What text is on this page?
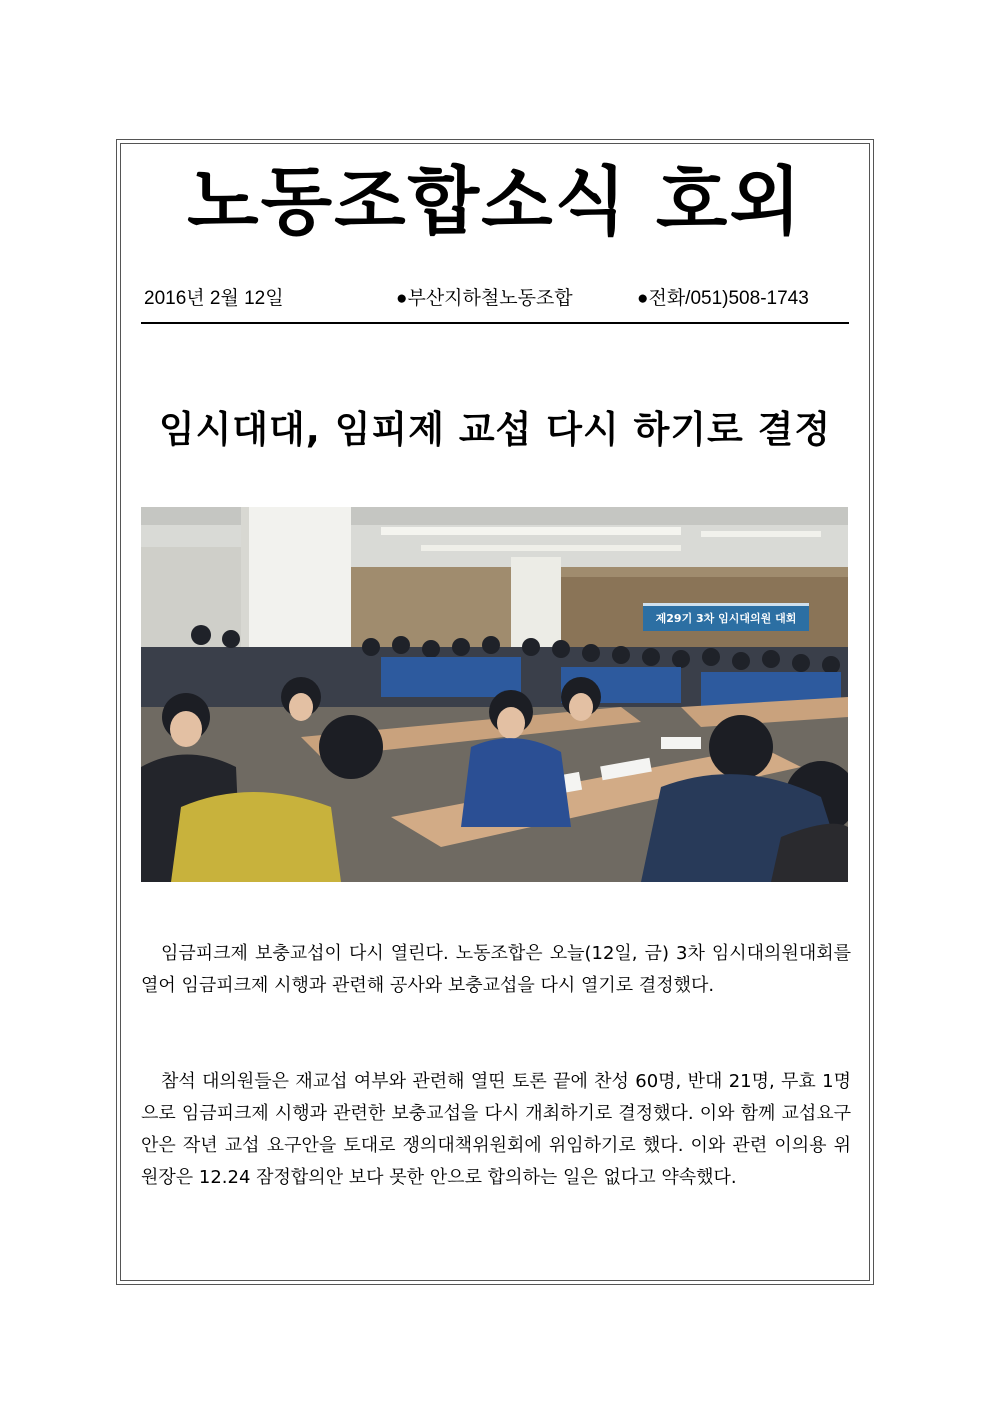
노동조합소식 호외
2016년 2월 12일	●부산지하철노동조합	●전화/051)508-1743
임시대대, 임피제 교섭 다시 하기로 결정
제29기 3차 임시대의원 대회

임금피크제 보충교섭이 다시 열린다. 노동조합은 오늘(12일, 금) 3차 임시대의원대회를 열어 임금피크제 시행과 관련해 공사와 보충교섭을 다시 열기로 결정했다.

참석 대의원들은 재교섭 여부와 관련해 열띤 토론 끝에 찬성 60명, 반대 21명, 무효 1명으로 임금피크제 시행과 관련한 보충교섭을 다시 개최하기로 결정했다. 이와 함께 교섭요구안은 작년 교섭 요구안을 토대로 쟁의대책위원회에 위임하기로 했다. 이와 관련 이의용 위원장은 12.24 잠정합의안 보다 못한 안으로 합의하는 일은 없다고 약속했다.
